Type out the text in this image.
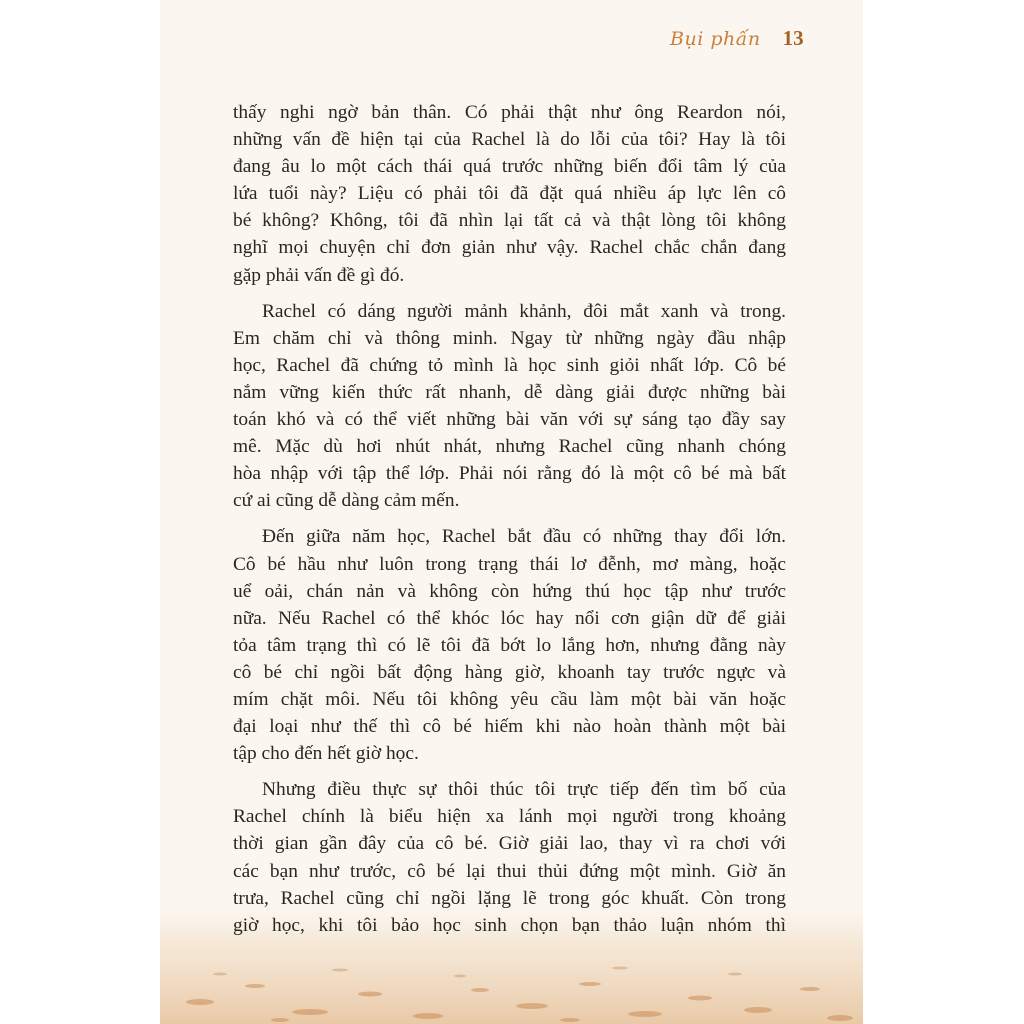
Bụi phấn 13

thấy nghi ngờ bản thân. Có phải thật như ông Reardon nói,
những vấn đề hiện tại của Rachel là do lỗi của tôi? Hay là tôi
đang âu lo một cách thái quá trước những biến đổi tâm lý của
lứa tuổi này? Liệu có phải tôi đã đặt quá nhiều áp lực lên cô
bé không? Không, tôi đã nhìn lại tất cả và thật lòng tôi không
nghĩ mọi chuyện chỉ đơn giản như vậy. Rachel chắc chắn đang
gặp phải vấn đề gì đó.

Rachel có dáng người mảnh khảnh, đôi mắt xanh và trong.
Em chăm chỉ và thông minh. Ngay từ những ngày đầu nhập
học, Rachel đã chứng tỏ mình là học sinh giỏi nhất lớp. Cô bé
nắm vững kiến thức rất nhanh, dễ dàng giải được những bài
toán khó và có thể viết những bài văn với sự sáng tạo đầy say
mê. Mặc dù hơi nhút nhát, nhưng Rachel cũng nhanh chóng
hòa nhập với tập thể lớp. Phải nói rằng đó là một cô bé mà bất
cứ ai cũng dễ dàng cảm mến.

Đến giữa năm học, Rachel bắt đầu có những thay đổi lớn.
Cô bé hầu như luôn trong trạng thái lơ đễnh, mơ màng, hoặc
uể oải, chán nản và không còn hứng thú học tập như trước
nữa. Nếu Rachel có thể khóc lóc hay nổi cơn giận dữ để giải
tỏa tâm trạng thì có lẽ tôi đã bớt lo lắng hơn, nhưng đằng này
cô bé chỉ ngồi bất động hàng giờ, khoanh tay trước ngực và
mím chặt môi. Nếu tôi không yêu cầu làm một bài văn hoặc
đại loại như thế thì cô bé hiếm khi nào hoàn thành một bài
tập cho đến hết giờ học.

Nhưng điều thực sự thôi thúc tôi trực tiếp đến tìm bố của
Rachel chính là biểu hiện xa lánh mọi người trong khoảng
thời gian gần đây của cô bé. Giờ giải lao, thay vì ra chơi với
các bạn như trước, cô bé lại thui thủi đứng một mình. Giờ ăn
trưa, Rachel cũng chỉ ngồi lặng lẽ trong góc khuất. Còn trong
giờ học, khi tôi bảo học sinh chọn bạn thảo luận nhóm thì
